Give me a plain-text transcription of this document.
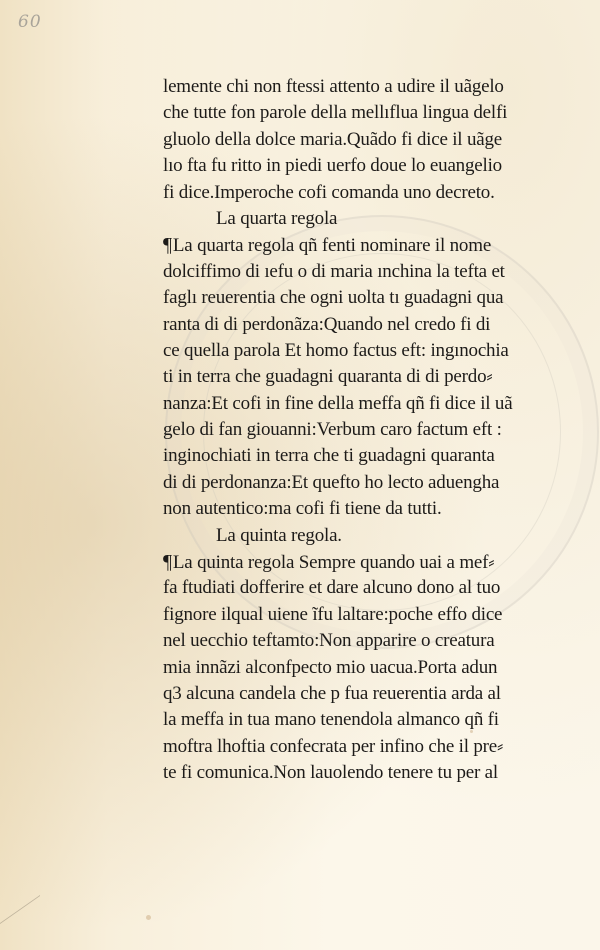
60
lemente chi non ftessi attento a udire il uãgelo
che tutte fon parole della mellıflua lingua delfi
gluolo della dolce maria.Quãdo fi dice il uãge
lıo fta fu ritto in piedi uerfo doue lo euangelio
fi dice.Imperoche cofi comanda uno decreto.
La quarta regola
¶La quarta regola qñ fenti nominare il nome
dolciffimo di ıefu o di maria ınchina la tefta et
faglı reuerentia che ogni uolta tı guadagni qua
ranta di di perdonãza:Quando nel credo fi di
ce quella parola Et homo factus eft: ingınochia
ti in terra che guadagni quaranta di di perdo⸗
nanza:Et cofi in fine della meffa qñ fi dice il uã
gelo di fan giouanni:Verbum caro factum eft :
inginochiati in terra che ti guadagni quaranta
di di perdonanza:Et quefto ho lecto aduengha
non autentico:ma cofi fi tiene da tutti.
La quinta regola.
¶La quinta regola Sempre quando uai a mef⸗
fa ftudiati dofferire et dare alcuno dono al tuo
fignore ilqual uiene ĩfu laltare:poche effo dice
nel uecchio teftamto:Non apparire o creatura
mia innãzi alconfpecto mio uacua.Porta adun
q3 alcuna candela che p fua reuerentia arda al
la meffa in tua mano tenendola almanco qñ fi
moftra lhoftia confecrata per infino che il pre⸗
te fi comunica.Non lauolendo tenere tu per al
